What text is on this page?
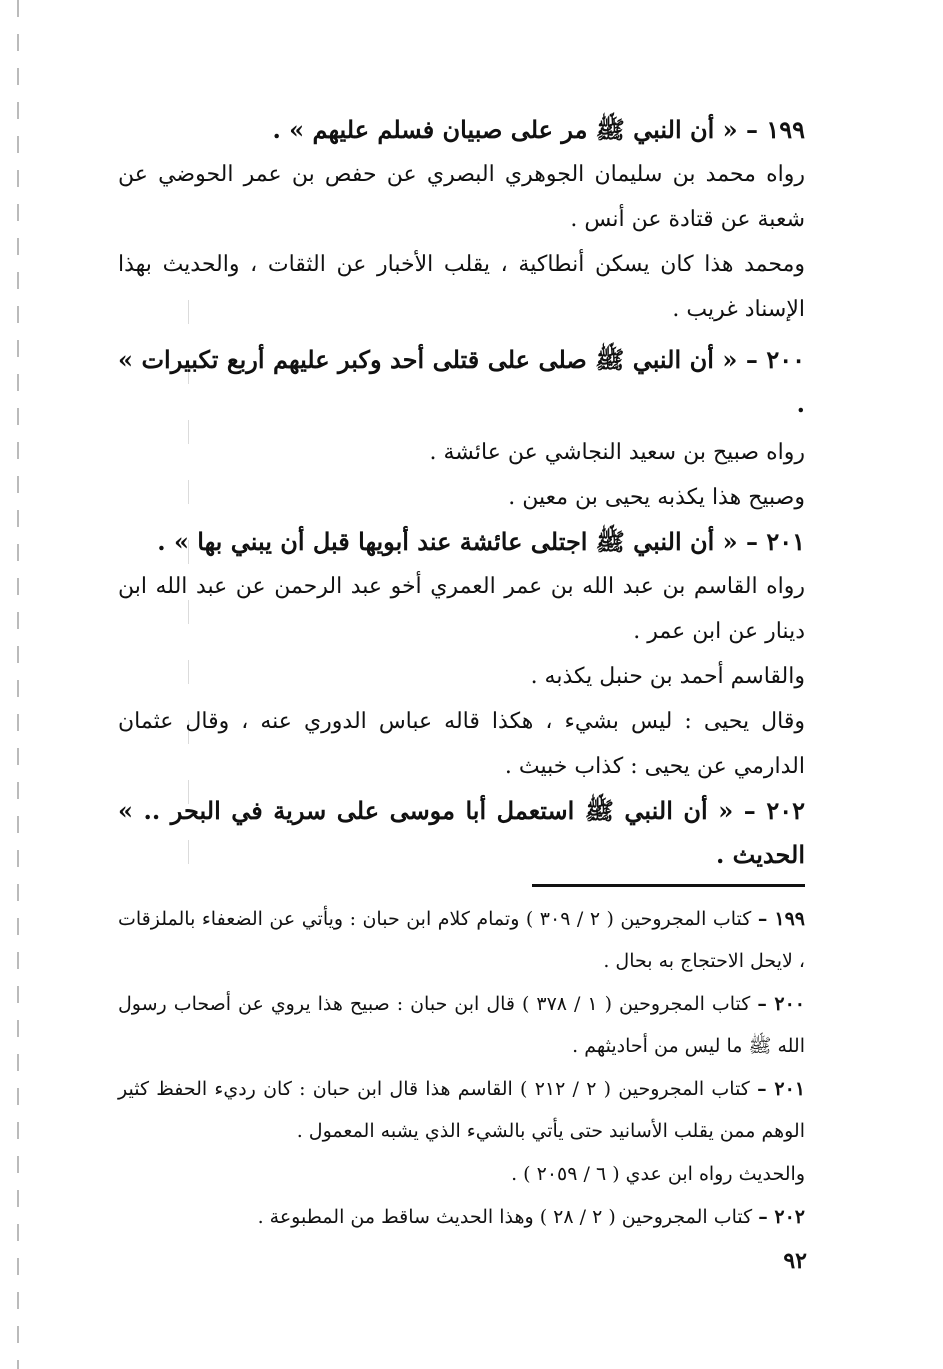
١٩٩ – « أن النبي ﷺ مر على صبيان فسلم عليهم » .
رواه محمد بن سليمان الجوهري البصري عن حفص بن عمر الحوضي عن شعبة عن قتادة عن أنس .
ومحمد هذا كان يسكن أنطاكية ، يقلب الأخبار عن الثقات ، والحديث بهذا الإسناد غريب .
٢٠٠ – « أن النبي ﷺ صلى على قتلى أحد وكبر عليهم أربع تكبيرات » .
رواه صبيح بن سعيد النجاشي عن عائشة .
وصبيح هذا يكذبه يحيى بن معين .
٢٠١ – « أن النبي ﷺ اجتلى عائشة عند أبويها قبل أن يبني بها » .
رواه القاسم بن عبد الله بن عمر العمري أخو عبد الرحمن عن عبد الله ابن دينار عن ابن عمر .
والقاسم أحمد بن حنبل يكذبه .
وقال يحيى : ليس بشيء ، هكذا قاله عباس الدوري عنه ، وقال عثمان الدارمي عن يحيى : كذاب خبيث .
٢٠٢ – « أن النبي ﷺ استعمل أبا موسى على سرية في البحر .. » الحديث .
١٩٩ – كتاب المجروحين ( ٢ / ٣٠٩ ) وتمام كلام ابن حبان : ويأتي عن الضعفاء بالملزقات ، لايحل الاحتجاج به بحال .
٢٠٠ – كتاب المجروحين ( ١ / ٣٧٨ ) قال ابن حبان : صبيح هذا يروي عن أصحاب رسول الله ﷺ ما ليس من أحاديثهم .
٢٠١ – كتاب المجروحين ( ٢ / ٢١٢ ) القاسم هذا قال ابن حبان : كان رديء الحفظ كثير الوهم ممن يقلب الأسانيد حتى يأتي بالشيء الذي يشبه المعمول .
والحديث رواه ابن عدي ( ٦ / ٢٠٥٩ ) .
٢٠٢ – كتاب المجروحين ( ٢ / ٢٨ ) وهذا الحديث ساقط من المطبوعة .
٩٢
